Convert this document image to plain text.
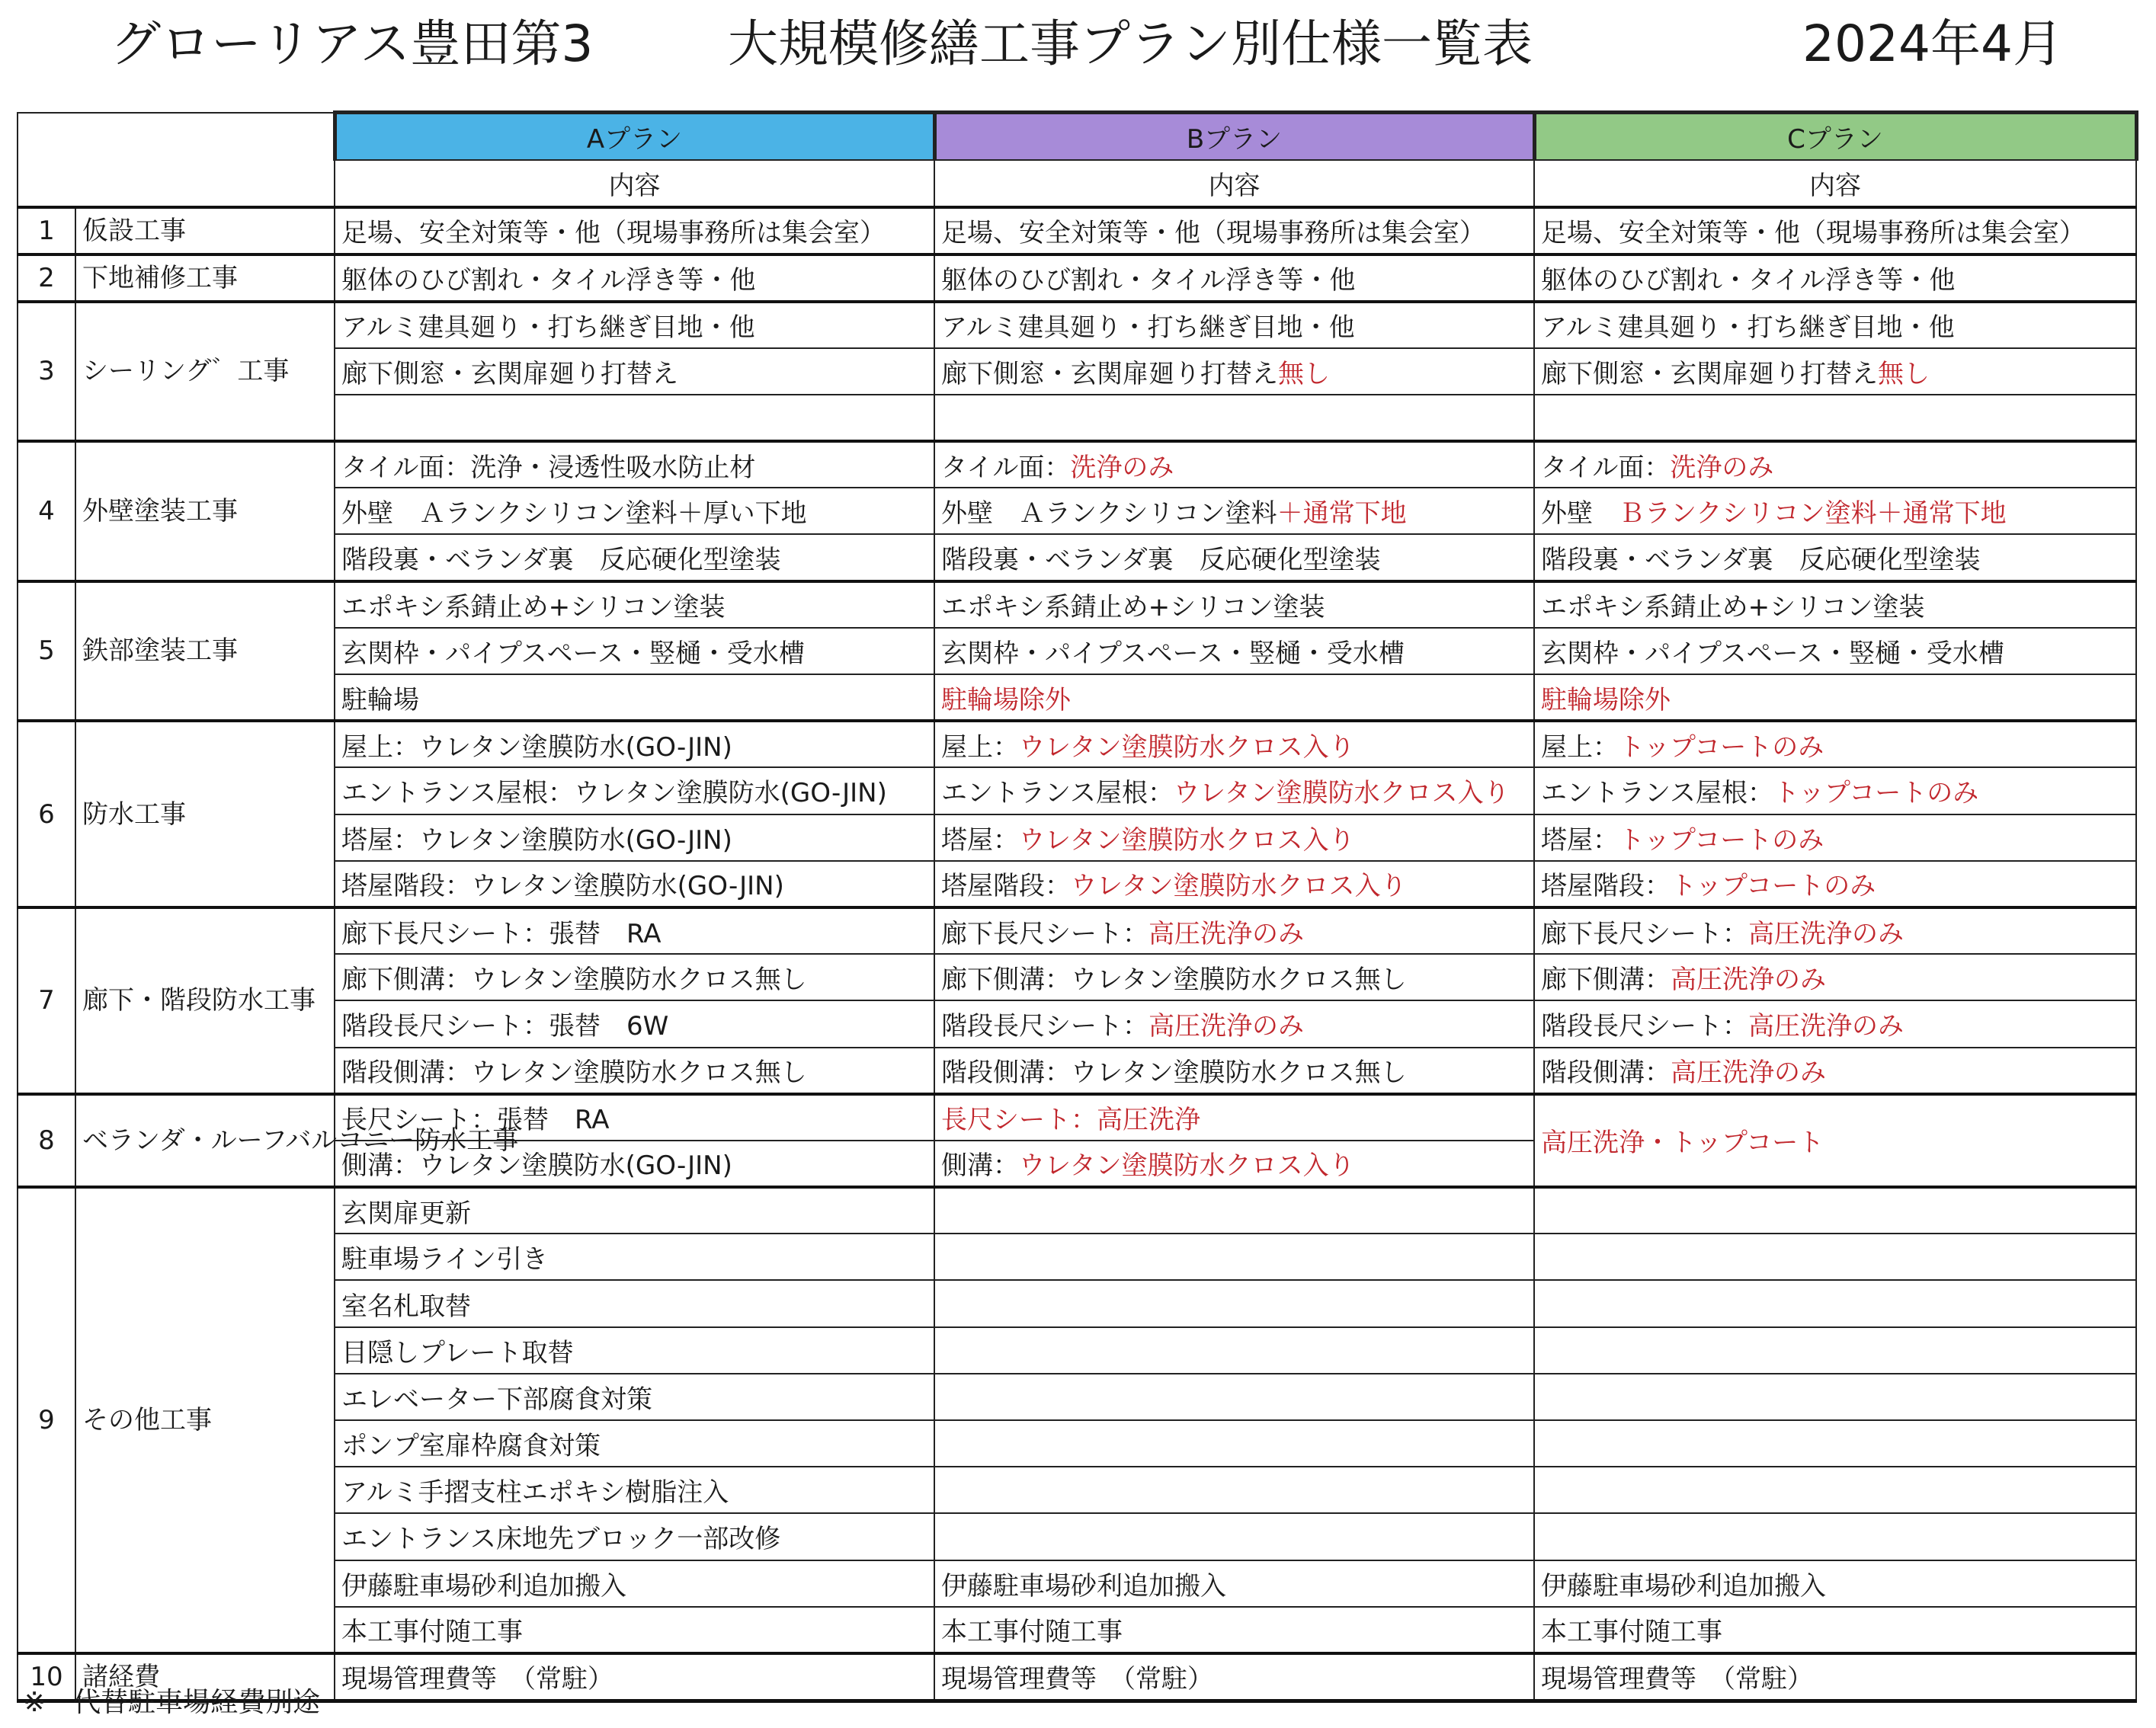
グローリアス豊田第3	大規模修繕工事プラン別仕様一覧表	2024年4月
		Aプラン	Bプラン	Cプラン
		内容	内容	内容
1	仮設工事	足場、安全対策等・他（現場事務所は集会室）	足場、安全対策等・他（現場事務所は集会室）	足場、安全対策等・他（現場事務所は集会室）
2	下地補修工事	躯体のひび割れ・タイル浮き等・他	躯体のひび割れ・タイル浮き等・他	躯体のひび割れ・タイル浮き等・他
3	シーリング゛工事	アルミ建具廻り・打ち継ぎ目地・他	アルミ建具廻り・打ち継ぎ目地・他	アルミ建具廻り・打ち継ぎ目地・他
		廊下側窓・玄関扉廻り打替え	廊下側窓・玄関扉廻り打替え無し	廊下側窓・玄関扉廻り打替え無し

4	外壁塗装工事	タイル面：洗浄・浸透性吸水防止材	タイル面：洗浄のみ	タイル面：洗浄のみ
		外壁　Ａランクシリコン塗料＋厚い下地	外壁　Ａランクシリコン塗料＋通常下地	外壁　Ｂランクシリコン塗料＋通常下地
		階段裏・ベランダ裏　反応硬化型塗装	階段裏・ベランダ裏　反応硬化型塗装	階段裏・ベランダ裏　反応硬化型塗装
5	鉄部塗装工事	エポキシ系錆止め+シリコン塗装	エポキシ系錆止め+シリコン塗装	エポキシ系錆止め+シリコン塗装
		玄関枠・パイプスペース・竪樋・受水槽	玄関枠・パイプスペース・竪樋・受水槽	玄関枠・パイプスペース・竪樋・受水槽
		駐輪場	駐輪場除外	駐輪場除外
6	防水工事	屋上：ウレタン塗膜防水(GO-JIN)	屋上：ウレタン塗膜防水クロス入り	屋上：トップコートのみ
		エントランス屋根：ウレタン塗膜防水(GO-JIN)	エントランス屋根：ウレタン塗膜防水クロス入り	エントランス屋根：トップコートのみ
		塔屋：ウレタン塗膜防水(GO-JIN)	塔屋：ウレタン塗膜防水クロス入り	塔屋：トップコートのみ
		塔屋階段：ウレタン塗膜防水(GO-JIN)	塔屋階段：ウレタン塗膜防水クロス入り	塔屋階段：トップコートのみ
7	廊下・階段防水工事	廊下長尺シート：張替　RA	廊下長尺シート：高圧洗浄のみ	廊下長尺シート：高圧洗浄のみ
		廊下側溝：ウレタン塗膜防水クロス無し	廊下側溝：ウレタン塗膜防水クロス無し	廊下側溝：高圧洗浄のみ
		階段長尺シート：張替　6W	階段長尺シート：高圧洗浄のみ	階段長尺シート：高圧洗浄のみ
		階段側溝：ウレタン塗膜防水クロス無し	階段側溝：ウレタン塗膜防水クロス無し	階段側溝：高圧洗浄のみ
8	ベランダ・ルーフバルコニー防水工事	長尺シート：張替　RA	長尺シート：高圧洗浄	高圧洗浄・トップコート
		側溝：ウレタン塗膜防水(GO-JIN)	側溝：ウレタン塗膜防水クロス入り	
9	その他工事	玄関扉更新		
		駐車場ライン引き		
		室名札取替		
		目隠しプレート取替		
		エレベーター下部腐食対策		
		ポンプ室扉枠腐食対策		
		アルミ手摺支柱エポキシ樹脂注入		
		エントランス床地先ブロック一部改修		
		伊藤駐車場砂利追加搬入	伊藤駐車場砂利追加搬入	伊藤駐車場砂利追加搬入
		本工事付随工事	本工事付随工事	本工事付随工事
10	諸経費	現場管理費等　（常駐）	現場管理費等　（常駐）	現場管理費等　（常駐）
※　代替駐車場経費別途
